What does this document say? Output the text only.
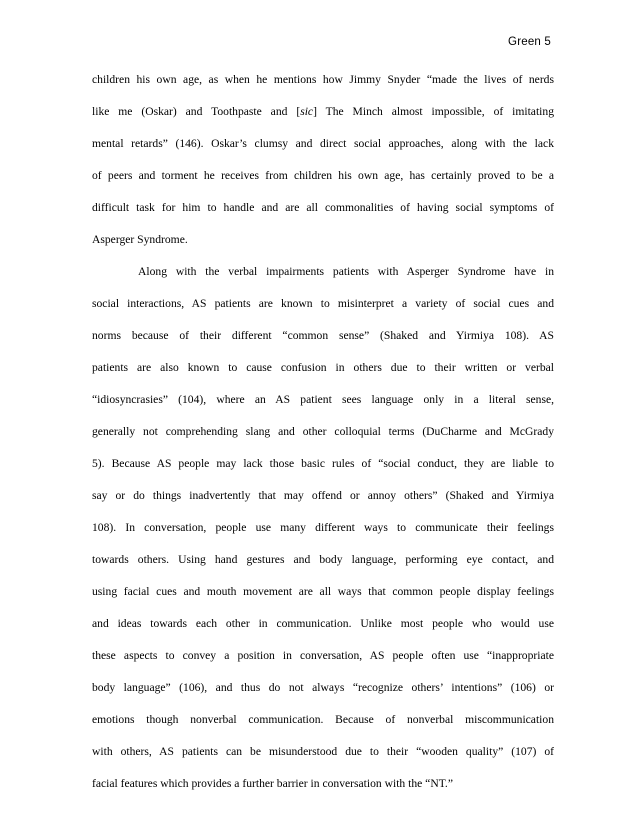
Green 5
children his own age, as when he mentions how Jimmy Snyder “made the lives of nerds
like me (Oskar) and Toothpaste and [sic] The Minch almost impossible, of imitating
mental retards” (146). Oskar’s clumsy and direct social approaches, along with the lack
of peers and torment he receives from children his own age, has certainly proved to be a
difficult task for him to handle and are all commonalities of having social symptoms of
Asperger Syndrome.
Along with the verbal impairments patients with Asperger Syndrome have in
social interactions, AS patients are known to misinterpret a variety of social cues and
norms because of their different “common sense” (Shaked and Yirmiya 108). AS
patients are also known to cause confusion in others due to their written or verbal
“idiosyncrasies” (104), where an AS patient sees language only in a literal sense,
generally not comprehending slang and other colloquial terms (DuCharme and McGrady
5). Because AS people may lack those basic rules of “social conduct, they are liable to
say or do things inadvertently that may offend or annoy others” (Shaked and Yirmiya
108). In conversation, people use many different ways to communicate their feelings
towards others. Using hand gestures and body language, performing eye contact, and
using facial cues and mouth movement are all ways that common people display feelings
and ideas towards each other in communication. Unlike most people who would use
these aspects to convey a position in conversation, AS people often use “inappropriate
body language” (106), and thus do not always “recognize others’ intentions” (106) or
emotions though nonverbal communication. Because of nonverbal miscommunication
with others, AS patients can be misunderstood due to their “wooden quality” (107) of
facial features which provides a further barrier in conversation with the “NT.”
